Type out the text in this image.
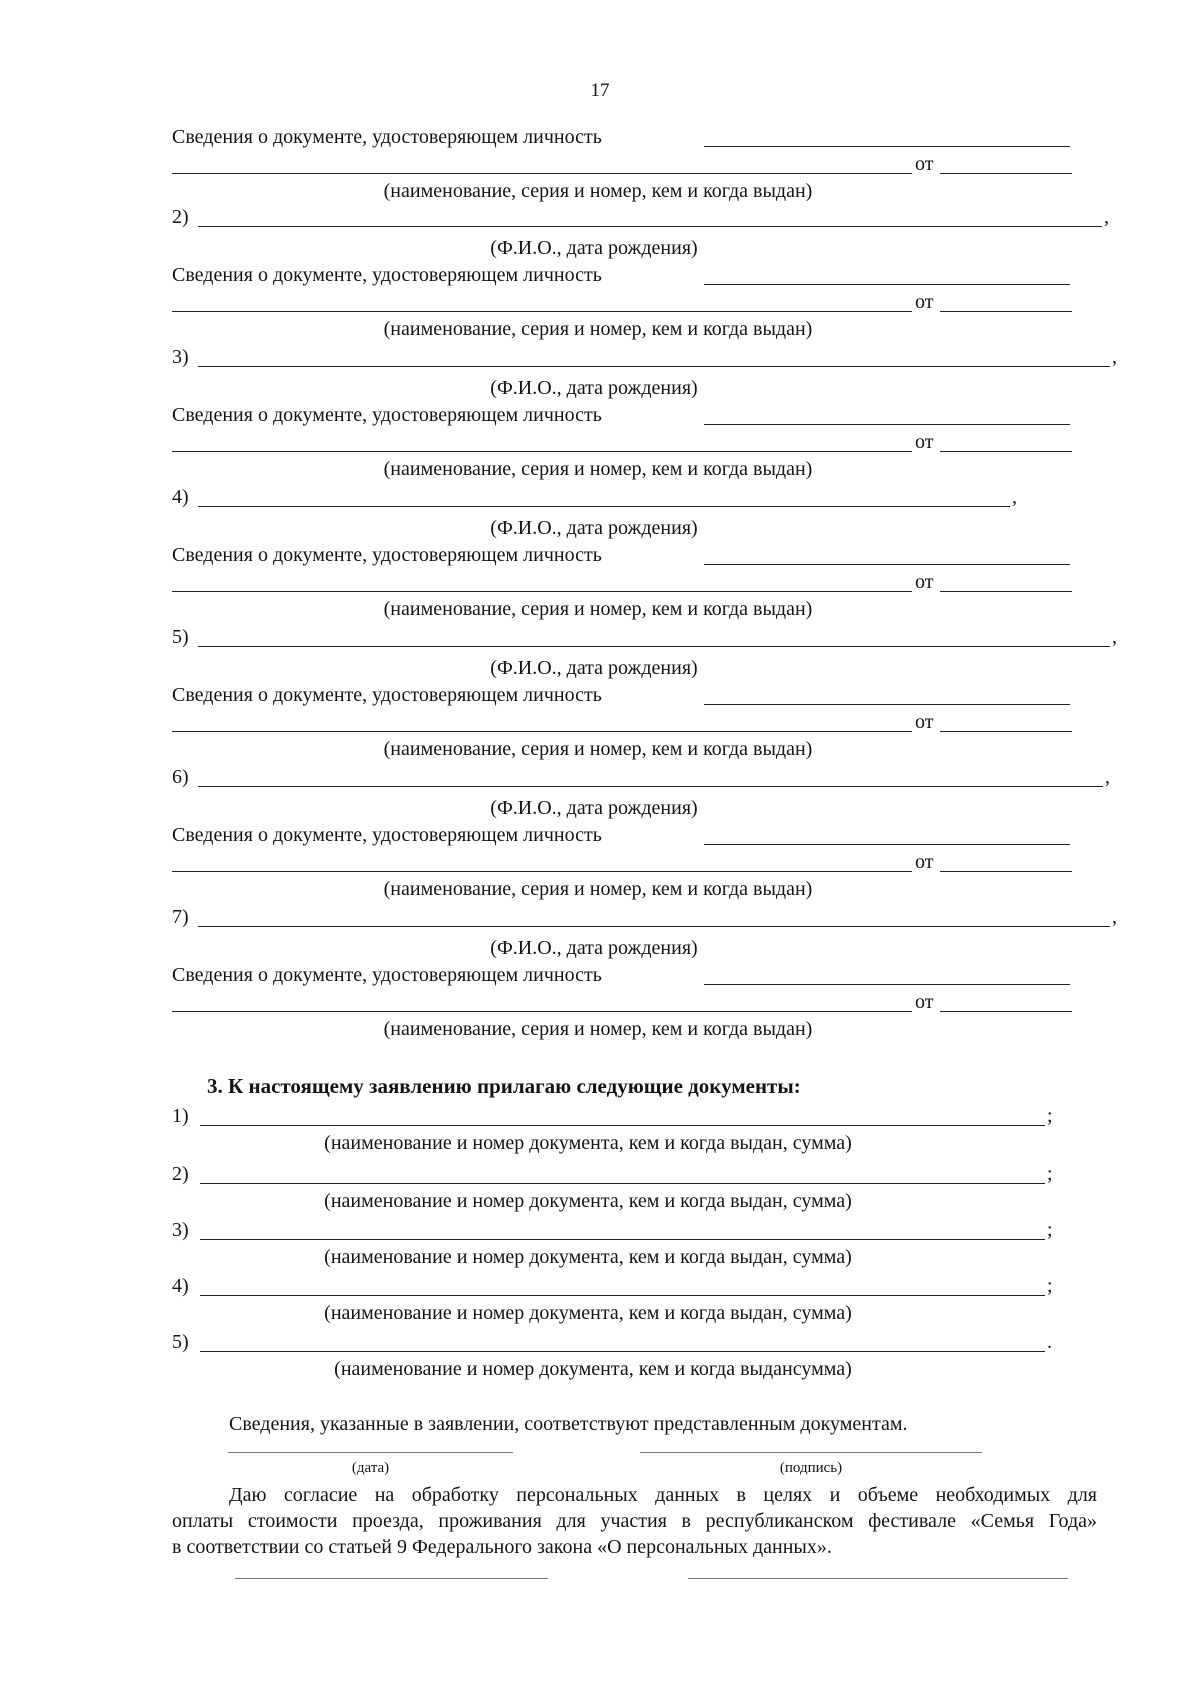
17
Сведения о документе, удостоверяющем личность
от
(наименование, серия и номер, кем и когда выдан)
2)	,
(Ф.И.О., дата рождения)
Сведения о документе, удостоверяющем личность
от
(наименование, серия и номер, кем и когда выдан)
3)	,
(Ф.И.О., дата рождения)
Сведения о документе, удостоверяющем личность
от
(наименование, серия и номер, кем и когда выдан)
4)	,
(Ф.И.О., дата рождения)
Сведения о документе, удостоверяющем личность
от
(наименование, серия и номер, кем и когда выдан)
5)	,
(Ф.И.О., дата рождения)
Сведения о документе, удостоверяющем личность
от
(наименование, серия и номер, кем и когда выдан)
6)	,
(Ф.И.О., дата рождения)
Сведения о документе, удостоверяющем личность
от
(наименование, серия и номер, кем и когда выдан)
7)	,
(Ф.И.О., дата рождения)
Сведения о документе, удостоверяющем личность
от
(наименование, серия и номер, кем и когда выдан)
3. К настоящему заявлению прилагаю следующие документы:
1)	;
(наименование и номер документа, кем и когда выдан, сумма)
2)	;
(наименование и номер документа, кем и когда выдан, сумма)
3)	;
(наименование и номер документа, кем и когда выдан, сумма)
4)	;
(наименование и номер документа, кем и когда выдан, сумма)
5)	.
(наименование и номер документа, кем и когда выдансумма)
Сведения, указанные в заявлении, соответствуют представленным документам.
(дата)	(подпись)
Даю согласие на обработку персональных данных в целях и объеме необходимых для
оплаты стоимости проезда, проживания для участия в республиканском фестивале «Семья Года»
в соответствии со статьей 9 Федерального закона «О персональных данных».
